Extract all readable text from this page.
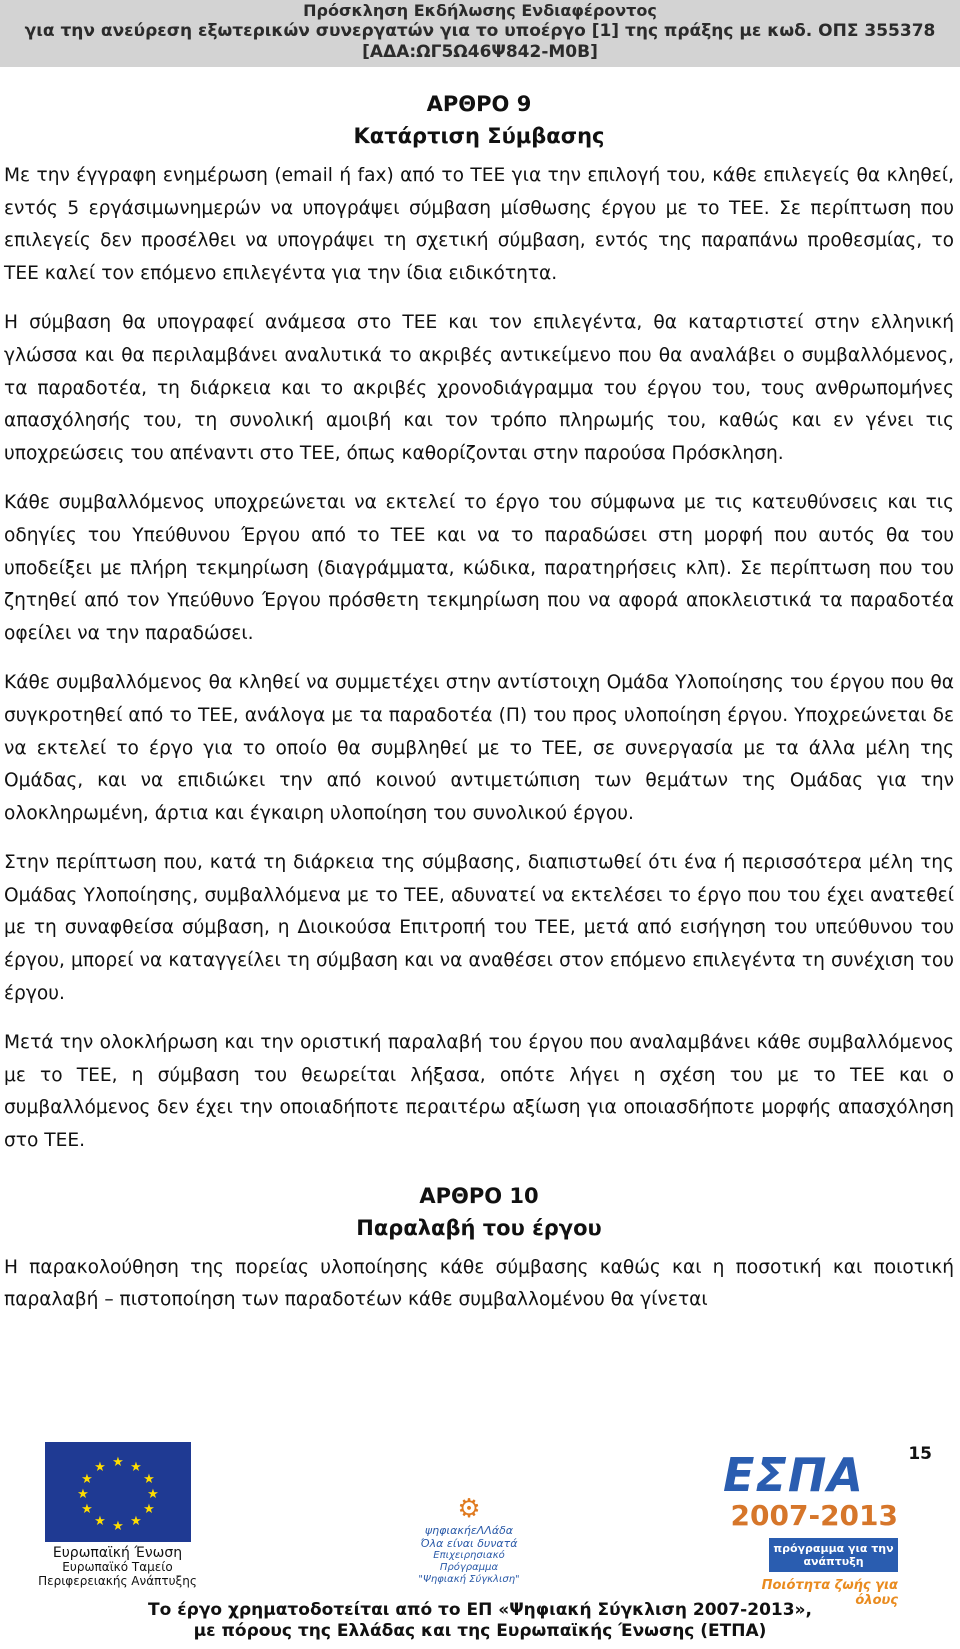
Πρόσκληση Εκδήλωσης Ενδιαφέροντος
για την ανεύρεση εξωτερικών συνεργατών για το υποέργο [1] της πράξης με κωδ. ΟΠΣ 355378
[ΑΔΑ:ΩΓ5Ω46Ψ842-Μ0Β]
ΑΡΘΡΟ 9
Κατάρτιση Σύμβασης

Με την έγγραφη ενημέρωση (email ή fax) από το ΤΕΕ για την επιλογή του, κάθε επιλεγείς θα κληθεί, εντός 5 εργάσιμωνημερών να υπογράψει σύμβαση μίσθωσης έργου με το ΤΕΕ. Σε περίπτωση που επιλεγείς δεν προσέλθει να υπογράψει τη σχετική σύμβαση, εντός της παραπάνω προθεσμίας, το ΤΕΕ καλεί τον επόμενο επιλεγέντα για την ίδια ειδικότητα.

Η σύμβαση θα υπογραφεί ανάμεσα στο ΤΕΕ και τον επιλεγέντα, θα καταρτιστεί στην ελληνική γλώσσα και θα περιλαμβάνει αναλυτικά το ακριβές αντικείμενο που θα αναλάβει ο συμβαλλόμενος, τα παραδοτέα, τη διάρκεια και το ακριβές χρονοδιάγραμμα του έργου του, τους ανθρωπομήνες απασχόλησής του, τη συνολική αμοιβή και τον τρόπο πληρωμής του, καθώς και εν γένει τις υποχρεώσεις του απέναντι στο ΤΕΕ, όπως καθορίζονται στην παρούσα Πρόσκληση.

Κάθε συμβαλλόμενος υποχρεώνεται να εκτελεί το έργο του σύμφωνα με τις κατευθύνσεις και τις οδηγίες του Υπεύθυνου Έργου από το ΤΕΕ και να το παραδώσει στη μορφή που αυτός θα του υποδείξει με πλήρη τεκμηρίωση (διαγράμματα, κώδικα, παρατηρήσεις κλπ). Σε περίπτωση που του ζητηθεί από τον Υπεύθυνο Έργου πρόσθετη τεκμηρίωση που να αφορά αποκλειστικά τα παραδοτέα οφείλει να την παραδώσει.

Κάθε συμβαλλόμενος θα κληθεί να συμμετέχει στην αντίστοιχη Ομάδα Υλοποίησης του έργου που θα συγκροτηθεί από το ΤΕΕ, ανάλογα με τα παραδοτέα (Π) του προς υλοποίηση έργου. Υποχρεώνεται δε να εκτελεί το έργο για το οποίο θα συμβληθεί με το ΤΕΕ, σε συνεργασία με τα άλλα μέλη της Ομάδας, και να επιδιώκει την από κοινού αντιμετώπιση των θεμάτων της Ομάδας για την ολοκληρωμένη, άρτια και έγκαιρη υλοποίηση του συνολικού έργου.

Στην περίπτωση που, κατά τη διάρκεια της σύμβασης, διαπιστωθεί ότι ένα ή περισσότερα μέλη της Ομάδας Υλοποίησης, συμβαλλόμενα με το ΤΕΕ, αδυνατεί να εκτελέσει το έργο που του έχει ανατεθεί με τη συναφθείσα σύμβαση, η Διοικούσα Επιτροπή του ΤΕΕ, μετά από εισήγηση του υπεύθυνου του έργου, μπορεί να καταγγείλει τη σύμβαση και να αναθέσει στον επόμενο επιλεγέντα τη συνέχιση του έργου.

Μετά την ολοκλήρωση και την οριστική παραλαβή του έργου που αναλαμβάνει κάθε συμβαλλόμενος με το ΤΕΕ, η σύμβαση του θεωρείται λήξασα, οπότε λήγει η σχέση του με το ΤΕΕ και ο συμβαλλόμενος δεν έχει την οποιαδήποτε περαιτέρω αξίωση για οποιασδήποτε μορφής απασχόληση στο ΤΕΕ.

ΑΡΘΡΟ 10
Παραλαβή του έργου

Η παρακολούθηση της πορείας υλοποίησης κάθε σύμβασης καθώς και η ποσοτική και ποιοτική παραλαβή – πιστοποίηση των παραδοτέων κάθε συμβαλλομένου θα γίνεται

15
★ ★
★
★
★
★
★
★
★
★
★
★
Ευρωπαϊκή Ένωση
Ευρωπαϊκό Ταμείο
Περιφερειακής Ανάπτυξης
⚙
ψηφιακήεΛΛάδα
Όλα είναι δυνατά
Επιχειρησιακό Πρόγραμμα
"Ψηφιακή Σύγκλιση"
ΕΣΠΑ
2007-2013
πρόγραμμα για την ανάπτυξη
Ποιότητα ζωής για όλους
Το έργο χρηματοδοτείται από το ΕΠ «Ψηφιακή Σύγκλιση 2007-2013»,
με πόρους της Ελλάδας και της Ευρωπαϊκής Ένωσης (ΕΤΠΑ)
